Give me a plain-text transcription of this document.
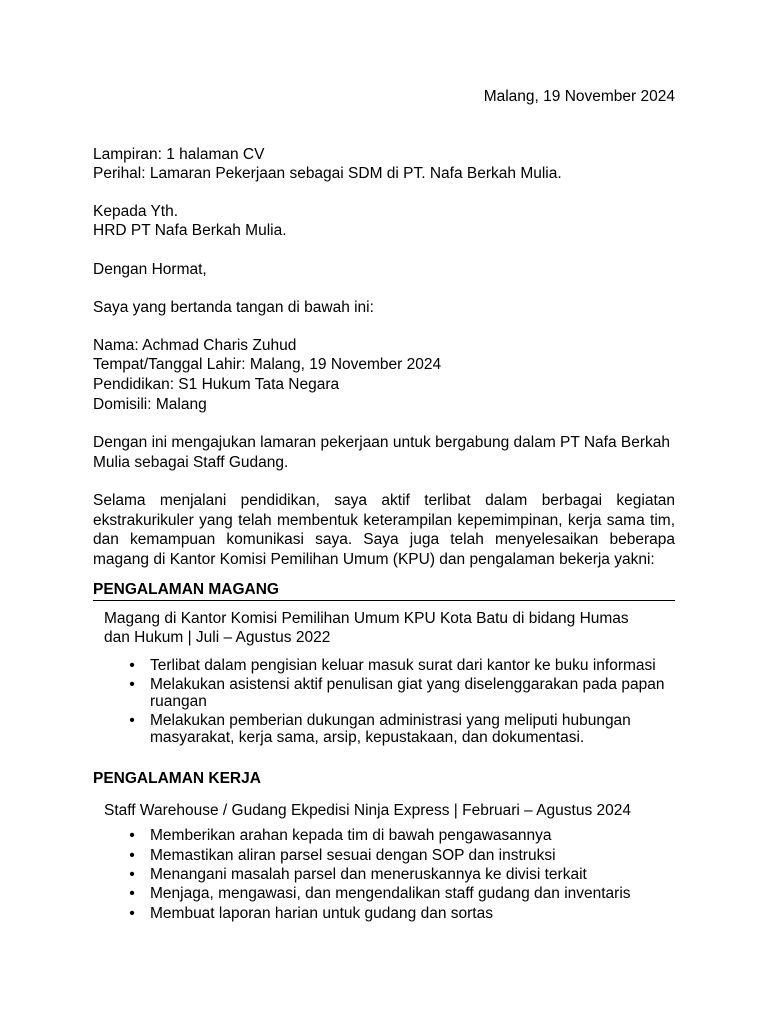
Malang, 19 November 2024
Lampiran: 1 halaman CV
Perihal: Lamaran Pekerjaan sebagai SDM di PT. Nafa Berkah Mulia.
Kepada Yth.
HRD PT Nafa Berkah Mulia.
Dengan Hormat,
Saya yang bertanda tangan di bawah ini:
Nama: Achmad Charis Zuhud
Tempat/Tanggal Lahir: Malang, 19 November 2024
Pendidikan: S1 Hukum Tata Negara
Domisili: Malang
Dengan ini mengajukan lamaran pekerjaan untuk bergabung dalam PT Nafa Berkah
Mulia sebagai Staff Gudang.
Selama menjalani pendidikan, saya aktif terlibat dalam berbagai kegiatan
ekstrakurikuler yang telah membentuk keterampilan kepemimpinan, kerja sama tim,
dan kemampuan komunikasi saya. Saya juga telah menyelesaikan beberapa
magang di Kantor Komisi Pemilihan Umum (KPU) dan pengalaman bekerja yakni:
PENGALAMAN MAGANG
Magang di Kantor Komisi Pemilihan Umum KPU Kota Batu di bidang Humas
dan Hukum | Juli – Agustus 2022
•
Terlibat dalam pengisian keluar masuk surat dari kantor ke buku informasi
•
Melakukan asistensi aktif penulisan giat yang diselenggarakan pada papan ruangan
•
Melakukan pemberian dukungan administrasi yang meliputi hubungan masyarakat, kerja sama, arsip, kepustakaan, dan dokumentasi.
PENGALAMAN KERJA
Staff Warehouse / Gudang Ekpedisi Ninja Express | Februari – Agustus 2024
•
Memberikan arahan kepada tim di bawah pengawasannya
•
Memastikan aliran parsel sesuai dengan SOP dan instruksi
•
Menangani masalah parsel dan meneruskannya ke divisi terkait
•
Menjaga, mengawasi, dan mengendalikan staff gudang dan inventaris
•
Membuat laporan harian untuk gudang dan sortas
